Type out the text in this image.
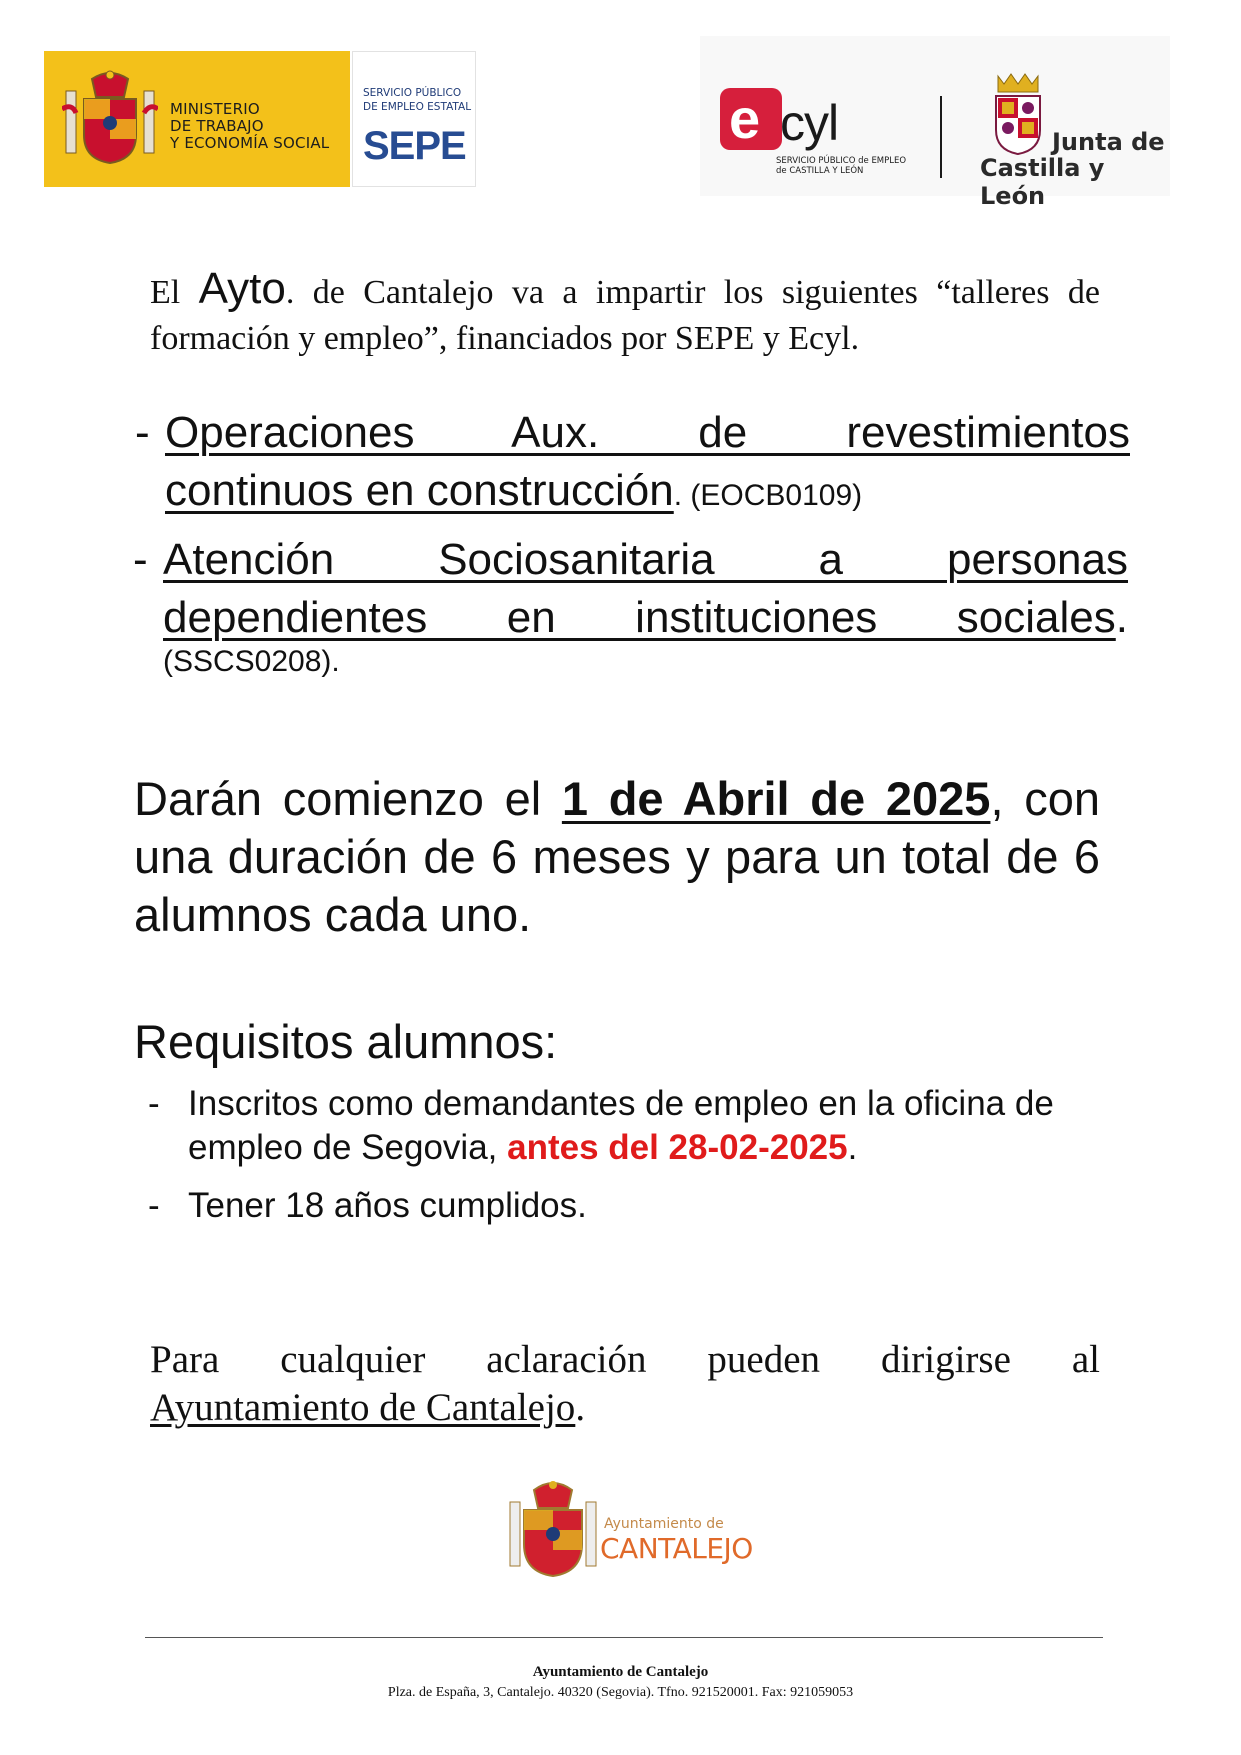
MINISTERIO
DE TRABAJO
Y ECONOMÍA SOCIAL
SERVICIO PÚBLICO
DE EMPLEO ESTATAL
SEPE	e cyl
SERVICIO PÚBLICO de EMPLEO
de CASTILLA Y LEÓN
Junta de
Castilla y León
El Ayto. de Cantalejo va a impartir los siguientes “talleres de formación y empleo”, financiados por SEPE y Ecyl.
- Operaciones Aux. de revestimientos
continuos en construcción. (EOCB0109)
- Atención Sociosanitaria a personas
dependientes en instituciones sociales.
(SSCS0208).
Darán comienzo el 1 de Abril de 2025, con una duración de 6 meses y para un total de 6 alumnos cada uno.
Requisitos alumnos:
- Inscritos como demandantes de empleo en la oficina de empleo de Segovia, antes del 28-02-2025.
- Tener 18 años cumplidos.
Para cualquier aclaración pueden dirigirse al
Ayuntamiento de Cantalejo.
Ayuntamiento de
CANTALEJO
Ayuntamiento de Cantalejo
Plza. de España, 3, Cantalejo. 40320 (Segovia). Tfno. 921520001. Fax: 921059053
